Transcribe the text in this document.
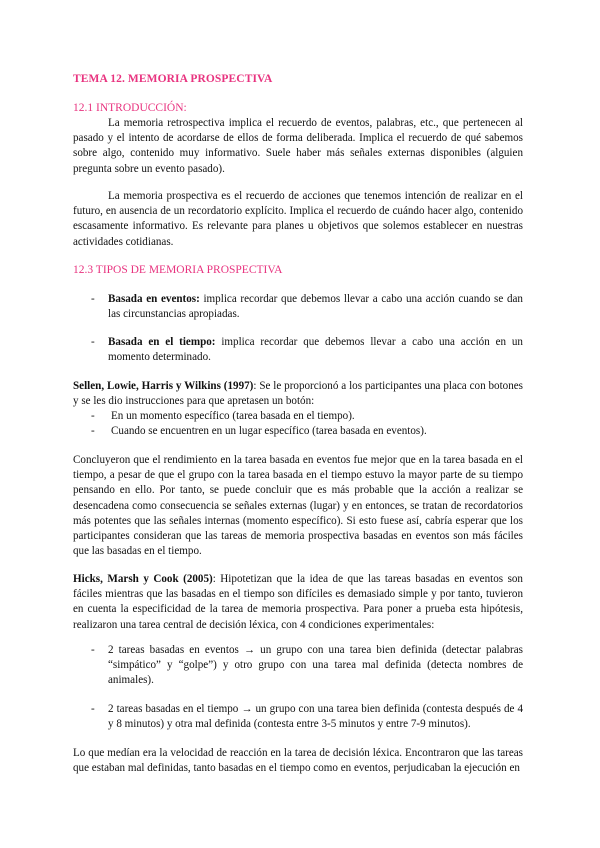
TEMA 12. MEMORIA PROSPECTIVA
12.1 INTRODUCCIÓN:
La memoria retrospectiva implica el recuerdo de eventos, palabras, etc., que pertenecen al pasado y el intento de acordarse de ellos de forma deliberada. Implica el recuerdo de qué sabemos sobre algo, contenido muy informativo. Suele haber más señales externas disponibles (alguien pregunta sobre un evento pasado).
La memoria prospectiva es el recuerdo de acciones que tenemos intención de realizar en el futuro, en ausencia de un recordatorio explícito. Implica el recuerdo de cuándo hacer algo, contenido escasamente informativo. Es relevante para planes u objetivos que solemos establecer en nuestras actividades cotidianas.
12.3 TIPOS DE MEMORIA PROSPECTIVA
- Basada en eventos: implica recordar que debemos llevar a cabo una acción cuando se dan las circunstancias apropiadas.
- Basada en el tiempo: implica recordar que debemos llevar a cabo una acción en un momento determinado.
Sellen, Lowie, Harris y Wilkins (1997): Se le proporcionó a los participantes una placa con botones y se les dio instrucciones para que apretasen un botón:
- En un momento específico (tarea basada en el tiempo).
- Cuando se encuentren en un lugar específico (tarea basada en eventos).
Concluyeron que el rendimiento en la tarea basada en eventos fue mejor que en la tarea basada en el tiempo, a pesar de que el grupo con la tarea basada en el tiempo estuvo la mayor parte de su tiempo pensando en ello. Por tanto, se puede concluir que es más probable que la acción a realizar se desencadena como consecuencia se señales externas (lugar) y en entonces, se tratan de recordatorios más potentes que las señales internas (momento específico). Si esto fuese así, cabría esperar que los participantes consideran que las tareas de memoria prospectiva basadas en eventos son más fáciles que las basadas en el tiempo.
Hicks, Marsh y Cook (2005): Hipotetizan que la idea de que las tareas basadas en eventos son fáciles mientras que las basadas en el tiempo son difíciles es demasiado simple y por tanto, tuvieron en cuenta la especificidad de la tarea de memoria prospectiva. Para poner a prueba esta hipótesis, realizaron una tarea central de decisión léxica, con 4 condiciones experimentales:
- 2 tareas basadas en eventos → un grupo con una tarea bien definida (detectar palabras “simpático” y “golpe”) y otro grupo con una tarea mal definida (detecta nombres de animales).
- 2 tareas basadas en el tiempo → un grupo con una tarea bien definida (contesta después de 4 y 8 minutos) y otra mal definida (contesta entre 3-5 minutos y entre 7-9 minutos).
Lo que medían era la velocidad de reacción en la tarea de decisión léxica. Encontraron que las tareas que estaban mal definidas, tanto basadas en el tiempo como en eventos, perjudicaban la ejecución en
